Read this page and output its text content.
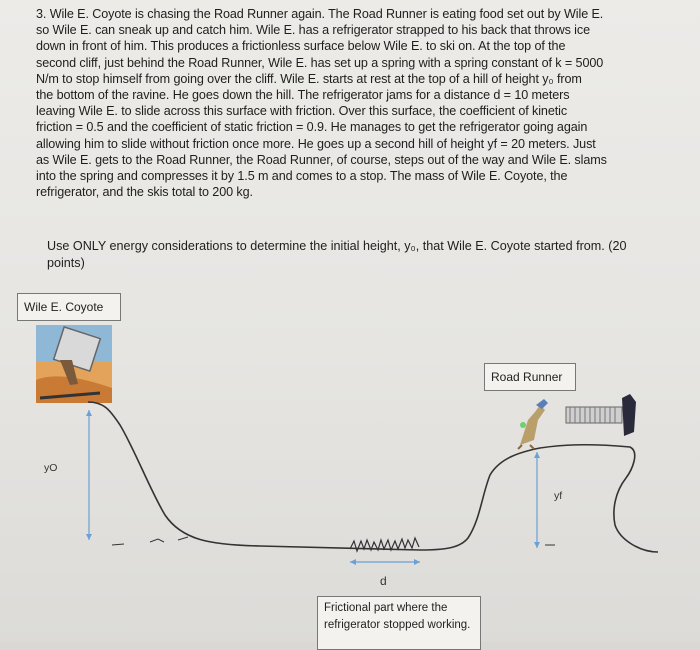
3. Wile E. Coyote is chasing the Road Runner again. The Road Runner is eating food set out by Wile E.
so Wile E. can sneak up and catch him. Wile E. has a refrigerator strapped to his back that throws ice
down in front of him. This produces a frictionless surface below Wile E. to ski on. At the top of the
second cliff, just behind the Road Runner, Wile E. has set up a spring with a spring constant of k = 5000
N/m to stop himself from going over the cliff. Wile E. starts at rest at the top of a hill of height y₀ from
the bottom of the ravine. He goes down the hill. The refrigerator jams for a distance d = 10 meters
leaving Wile E. to slide across this surface with friction. Over this surface, the coefficient of kinetic
friction = 0.5 and the coefficient of static friction = 0.9. He manages to get the refrigerator going again
allowing him to slide without friction once more. He goes up a second hill of height yf = 20 meters. Just
as Wile E. gets to the Road Runner, the Road Runner, of course, steps out of the way and Wile E. slams
into the spring and compresses it by 1.5 m and comes to a stop. The mass of Wile E. Coyote, the
refrigerator, and the skis total to 200 kg.
Use ONLY energy considerations to determine the initial height, y₀, that Wile E. Coyote started from. (20
points)
Wile E. Coyote
Road Runner
yO
yf
d
Frictional part where the refrigerator stopped working.
